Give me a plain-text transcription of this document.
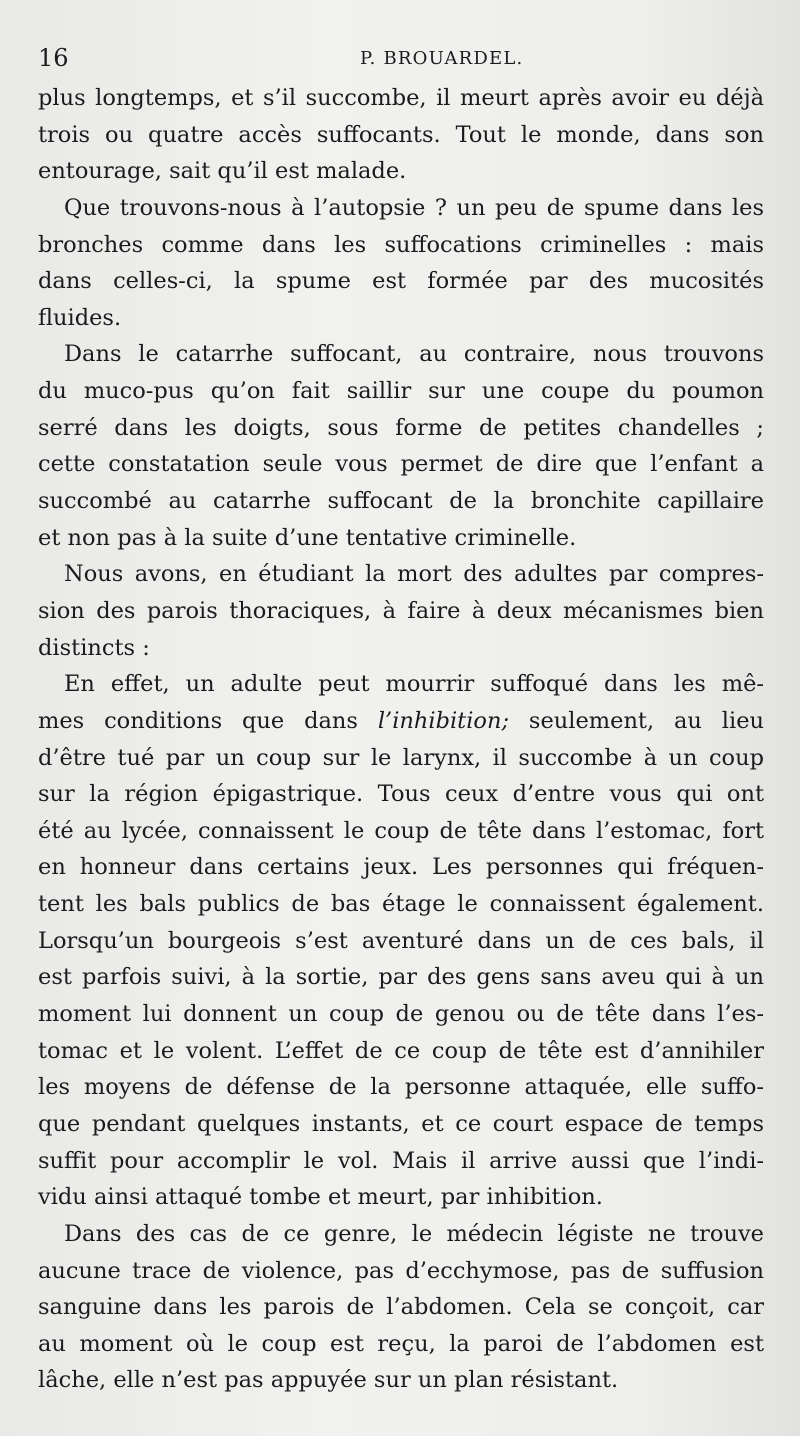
16	P. BROUARDEL.
plus longtemps, et s’il succombe, il meurt après avoir eu déjà
trois ou quatre accès suffocants. Tout le monde, dans son
entourage, sait qu’il est malade.
Que trouvons-nous à l’autopsie ? un peu de spume dans les
bronches comme dans les suffocations criminelles : mais
dans celles-ci, la spume est formée par des mucosités
fluides.
Dans le catarrhe suffocant, au contraire, nous trouvons
du muco-pus qu’on fait saillir sur une coupe du poumon
serré dans les doigts, sous forme de petites chandelles ;
cette constatation seule vous permet de dire que l’enfant a
succombé au catarrhe suffocant de la bronchite capillaire
et non pas à la suite d’une tentative criminelle.
Nous avons, en étudiant la mort des adultes par compres-
sion des parois thoraciques, à faire à deux mécanismes bien
distincts :
En effet, un adulte peut mourrir suffoqué dans les mê-
mes conditions que dans l’inhibition; seulement, au lieu
d’être tué par un coup sur le larynx, il succombe à un coup
sur la région épigastrique. Tous ceux d’entre vous qui ont
été au lycée, connaissent le coup de tête dans l’estomac, fort
en honneur dans certains jeux. Les personnes qui fréquen-
tent les bals publics de bas étage le connaissent également.
Lorsqu’un bourgeois s’est aventuré dans un de ces bals, il
est parfois suivi, à la sortie, par des gens sans aveu qui à un
moment lui donnent un coup de genou ou de tête dans l’es-
tomac et le volent. L’effet de ce coup de tête est d’annihiler
les moyens de défense de la personne attaquée, elle suffo-
que pendant quelques instants, et ce court espace de temps
suffit pour accomplir le vol. Mais il arrive aussi que l’indi-
vidu ainsi attaqué tombe et meurt, par inhibition.
Dans des cas de ce genre, le médecin légiste ne trouve
aucune trace de violence, pas d’ecchymose, pas de suffusion
sanguine dans les parois de l’abdomen. Cela se conçoit, car
au moment où le coup est reçu, la paroi de l’abdomen est
lâche, elle n’est pas appuyée sur un plan résistant.
